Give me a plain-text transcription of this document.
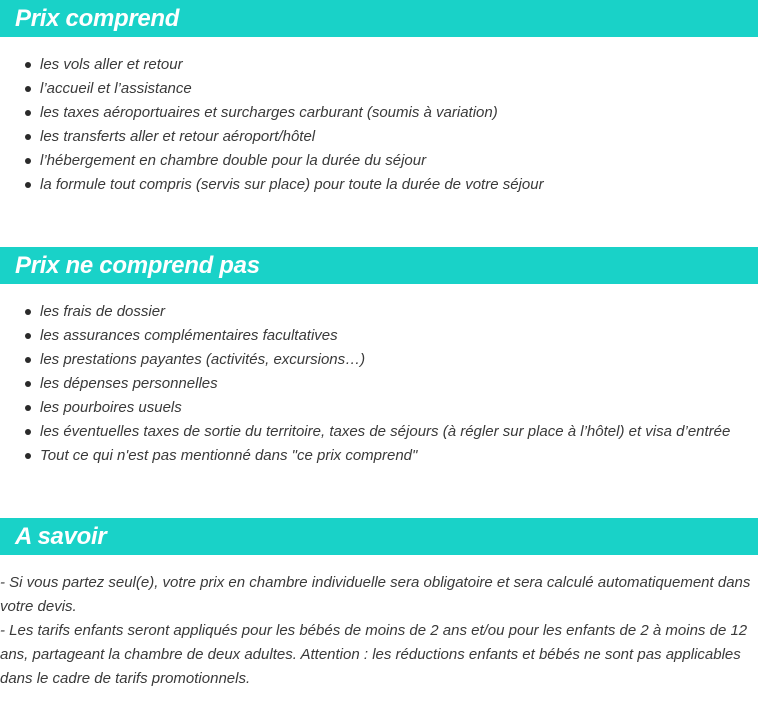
Prix comprend
les vols aller et retour
l’accueil et l’assistance
les taxes aéroportuaires et surcharges carburant (soumis à variation)
les transferts aller et retour aéroport/hôtel
l’hébergement en chambre double pour la durée du séjour
la formule tout compris (servis sur place) pour toute la durée de votre séjour
Prix ne comprend pas
les frais de dossier
les assurances complémentaires facultatives
les prestations payantes (activités, excursions…)
les dépenses personnelles
les pourboires usuels
les éventuelles taxes de sortie du territoire, taxes de séjours (à régler sur place à l’hôtel) et visa d’entrée
Tout ce qui n'est pas mentionné dans "ce prix comprend"
A savoir

- Si vous partez seul(e), votre prix en chambre individuelle sera obligatoire et sera calculé automatiquement dans votre devis.

- Les tarifs enfants seront appliqués pour les bébés de moins de 2 ans et/ou pour les enfants de 2 à moins de 12 ans, partageant la chambre de deux adultes. Attention : les réductions enfants et bébés ne sont pas applicables dans le cadre de tarifs promotionnels.
